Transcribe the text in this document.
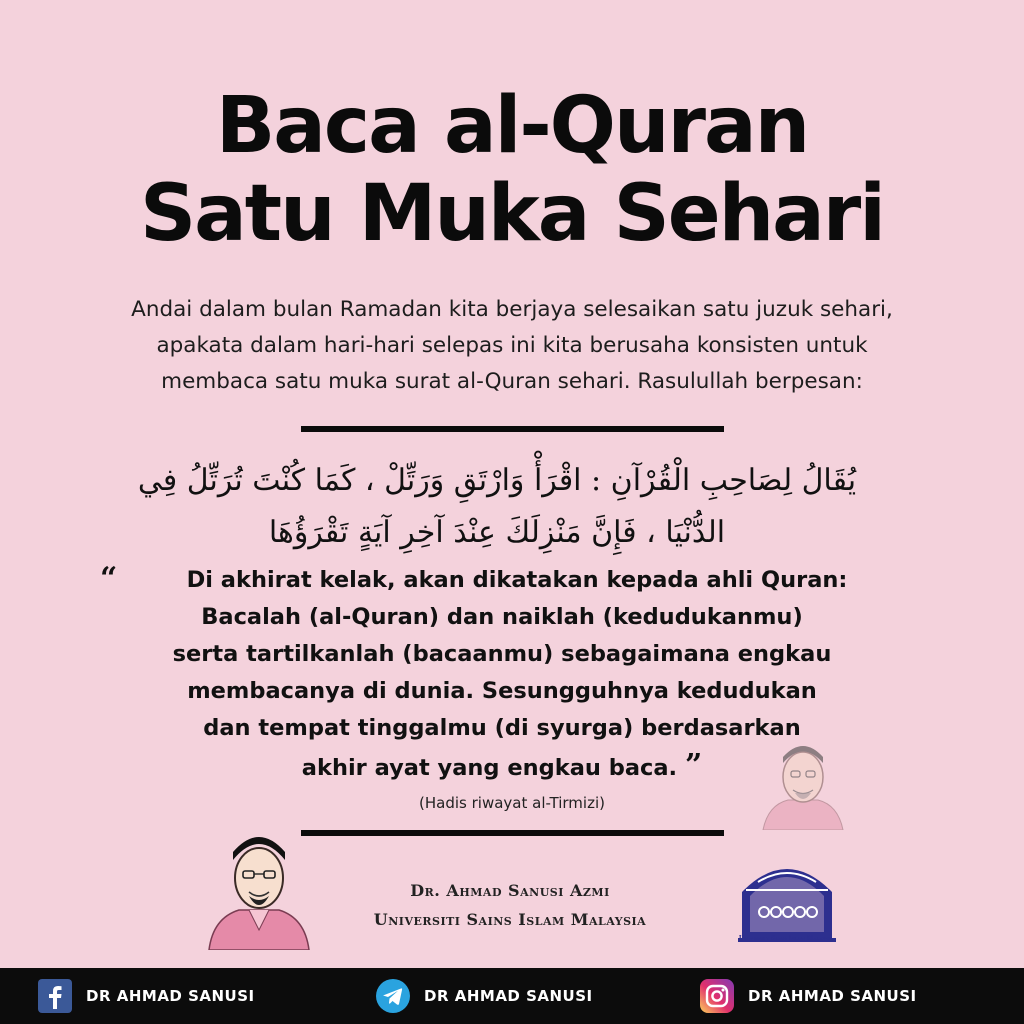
Baca al-Quran
Satu Muka Sehari
Andai dalam bulan Ramadan kita berjaya selesaikan satu juzuk sehari,
apakata dalam hari-hari selepas ini kita berusaha konsisten untuk
membaca satu muka surat al-Quran sehari. Rasulullah berpesan:
يُقَالُ لِصَاحِبِ الْقُرْآنِ : اقْرَأْ وَارْتَقِ وَرَتِّلْ ، كَمَا كُنْتَ تُرَتِّلُ فِي
الدُّنْيَا ، فَإِنَّ مَنْزِلَكَ عِنْدَ آخِرِ آيَةٍ تَقْرَؤُهَا
“	Di akhirat kelak, akan dikatakan kepada ahli Quran:
Bacalah (al-Quran) dan naiklah (kedudukanmu)
serta tartilkanlah (bacaanmu) sebagaimana engkau
membacanya di dunia. Sesungguhnya kedudukan
dan tempat tinggalmu (di syurga) berdasarkan
akhir ayat yang engkau baca. ”
(Hadis riwayat al-Tirmizi)
Dr. Ahmad Sanusi Azmi
Universiti Sains Islam Malaysia
Universiti Sains Islam Malaysia
DR AHMAD SANUSI	DR AHMAD SANUSI	DR AHMAD SANUSI
